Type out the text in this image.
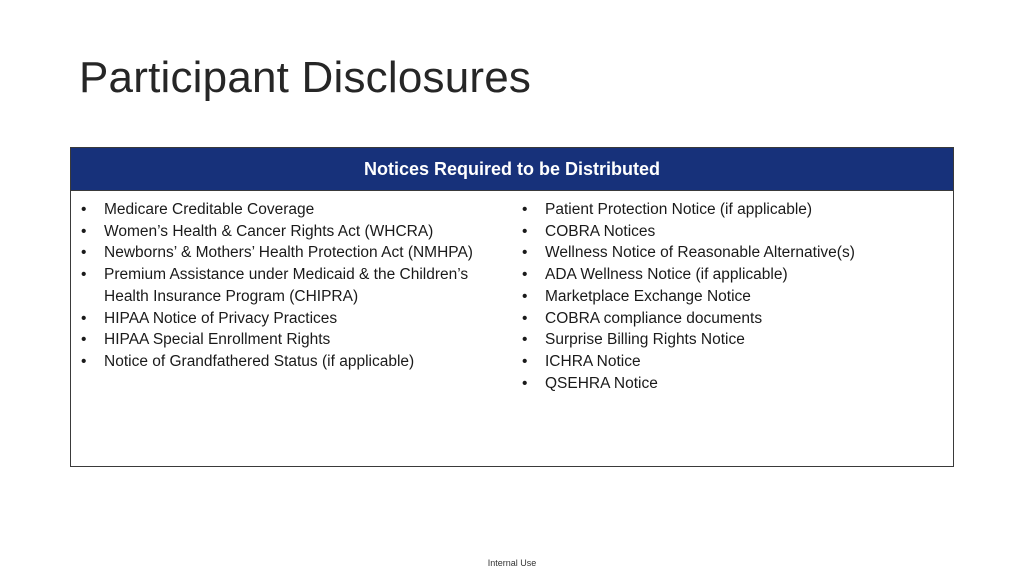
Participant Disclosures
Notices Required to be Distributed
• Medicare Creditable Coverage
• Women’s Health & Cancer Rights Act (WHCRA)
• Newborns’ & Mothers’ Health Protection Act (NMHPA)
• Premium Assistance under Medicaid & the Children’s Health Insurance Program (CHIPRA)
• HIPAA Notice of Privacy Practices
• HIPAA Special Enrollment Rights
• Notice of Grandfathered Status (if applicable)
• Patient Protection Notice (if applicable)
• COBRA Notices
• Wellness Notice of Reasonable Alternative(s)
• ADA Wellness Notice (if applicable)
• Marketplace Exchange Notice
• COBRA compliance documents
• Surprise Billing Rights Notice
• ICHRA Notice
• QSEHRA Notice
Internal Use
